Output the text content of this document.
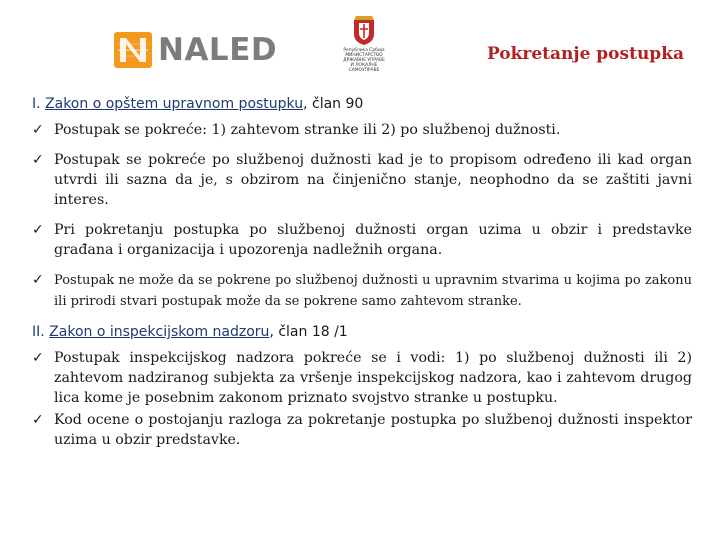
NALED	Република Србија
МИНИСТАРСТВО
ДРЖАВНЕ УПРАВЕ
И ЛОКАЛНЕ
САМОУПРАВЕ
Pokretanje postupka
I. Zakon o opštem upravnom postupku, član 90
✓ Postupak se pokreće: 1) zahtevom stranke ili 2) po službenoj dužnosti.
✓ Postupak se pokreće po službenoj dužnosti kad je to propisom određeno ili kad organ utvrdi ili sazna da je, s obzirom na činjenično stanje, neophodno da se zaštiti javni interes.
✓ Pri pokretanju postupka po službenoj dužnosti organ uzima u obzir i predstavke građana i organizacija i upozorenja nadležnih organa.
✓ Postupak ne može da se pokrene po službenoj dužnosti u upravnim stvarima u kojima po zakonu ili prirodi stvari postupak može da se pokrene samo zahtevom stranke.
II. Zakon o inspekcijskom nadzoru, član 18 /1
✓ Postupak inspekcijskog nadzora pokreće se i vodi: 1) po službenoj dužnosti ili 2) zahtevom nadziranog subjekta za vršenje inspekcijskog nadzora, kao i zahtevom drugog lica kome je posebnim zakonom priznato svojstvo stranke u postupku.
✓ Kod ocene o postojanju razloga za pokretanje postupka po službenoj dužnosti inspektor uzima u obzir predstavke.
